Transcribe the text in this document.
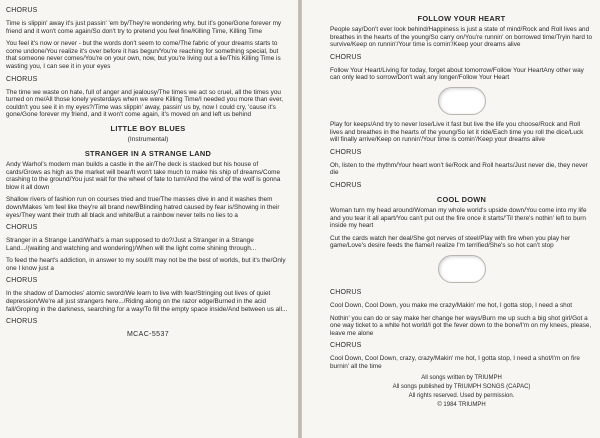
CHORUS
Time is slippin' away it's just passin' 'em by/They're wondering why, but it's gone/Gone forever my friend and it won't come again/So don't try to pretend you feel fine/Killing Time, Killing Time
You feel it's now or never - but the words don't seem to come/The fabric of your dreams starts to come undone/You realize it's over before it has begun/You're reaching for something special, but that someone never comes/You're on your own, now, but you're living out a lie/This Killing Time is wasting you, I can see it in your eyes
CHORUS
The time we waste on hate, full of anger and jealousy/The times we act so cruel, all the times you turned on me/All those lonely yesterdays when we were Killing Time/I needed you more than ever, couldn't you see it in my eyes?/Time was slippin' away, passin' us by, now I could cry, 'cause it's gone/Gone forever my friend, and it won't come again, it's moved on and left us behind
LITTLE BOY BLUES
(Instrumental)
STRANGER IN A STRANGE LAND
Andy Warhol's modern man builds a castle in the air/The deck is stacked but his house of cards/Grows as high as the market will bear/It won't take much to make his ship of dreams/Come crashing to the ground/You just wait for the wheel of fate to turn/And the wind of the wolf is gonna blow it all down
Shallow rivers of fashion run on courses tried and true/The masses dive in and it washes them down/Makes 'em feel like they're all brand new/Blinding hatred caused by fear is/Showing in their eyes/They want their truth all black and white/But a rainbow never tells no lies to a
CHORUS
Stranger in a Strange Land/What's a man supposed to do?/Just a Stranger in a Strange Land.../(waiting and watching and wondering)/When will the light come shining through...
To feed the heart's addiction, in answer to my soul/It may not be the best of worlds, but it's the/Only one I know just a
CHORUS
In the shadow of Damocles' atomic sword/We learn to live with fear/Stringing out lives of quiet depression/We're all just strangers here.../Riding along on the razor edge/Burned in the acid fall/Groping in the darkness, searching for a way/To fill the empty space inside/And between us all...
CHORUS
MCAC-5537
FOLLOW YOUR HEART
People say/Don't ever look behind/Happiness is just a state of mind/Rock and Roll lives and breathes in the hearts of the young/So carry on/You're runnin' on borrowed time/Tryin hard to survive/Keep on runnin'/Your time is comin'/Keep your dreams alive
CHORUS
Follow Your Heart/Living for today, forget about tomorrow/Follow Your HeartAny other way can only lead to sorrow/Don't wait any longer/Follow Your Heart
Play for keeps/And try to never lose/Live it fast but live the life you choose/Rock and Roll lives and breathes in the hearts of the young/So let it ride/Each time you roll the dice/Luck will finally arrive/Keep on runnin'/Your time is comin'/Keep your dreams alive
CHORUS
Oh, listen to the rhythm/Your heart won't lie/Rock and Roll hearts/Just never die, they never die
CHORUS
COOL DOWN
Woman turn my head around/Woman my whole world's upside down/You come into my life and you tear it all apart/You can't put out the fire once it starts/'Til there's nothin' left to burn inside my heart
Cut the cards watch her deal/She got nerves of steel/Play with fire when you play her game/Love's desire feeds the flame/I realize I'm terrified/She's so hot can't stop
CHORUS
Cool Down, Cool Down, you make me crazy/Makin' me hot, I gotta stop, I need a shot
Nothin' you can do or say make her change her ways/Burn me up such a big shot girl/Got a one way ticket to a white hot world/I got the fever down to the bone/I'm on my knees, please, leave me alone
CHORUS
Cool Down, Cool Down, crazy, crazy/Makin' me hot, I gotta stop, I need a shot/I'm on fire burnin' all the time
All songs written by TRIUMPH
All songs published by TRIUMPH SONGS (CAPAC)
All rights reserved. Used by permission.
© 1984 TRIUMPH
